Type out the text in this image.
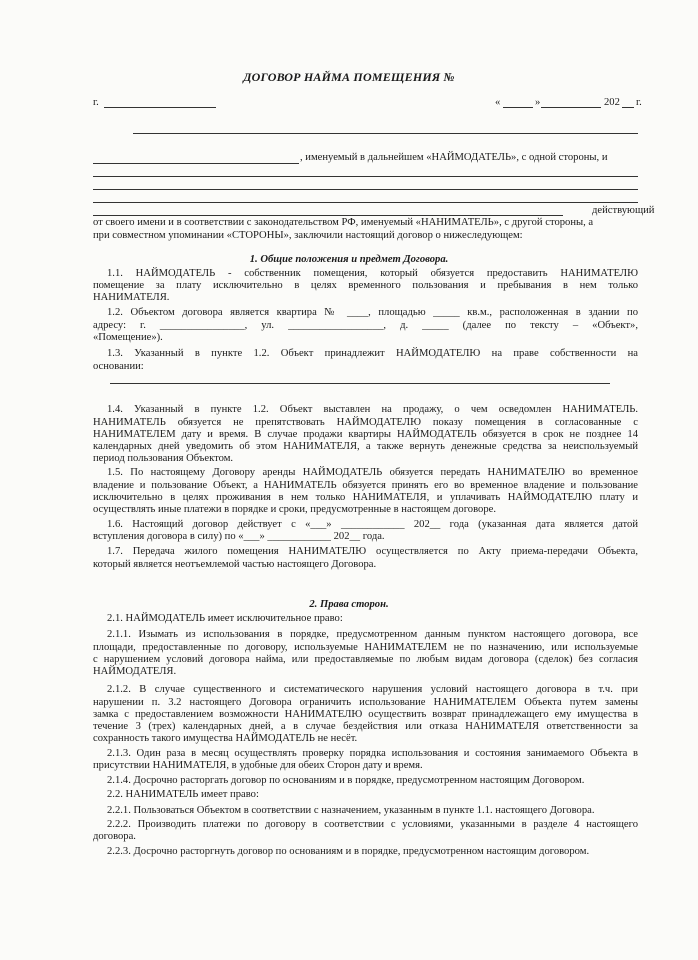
ДОГОВОР НАЙМА ПОМЕЩЕНИЯ №
г.	«	»	202 г.
, именуемый в дальнейшем «НАЙМОДАТЕЛЬ», с одной стороны, и
действующий
от своего имени и в соответствии с законодательством РФ, именуемый «НАНИМАТЕЛЬ», с другой стороны, а
при совместном упоминании «СТОРОНЫ», заключили настоящий договор о нижеследующем:
1. Общие положения и предмет Договора.
1.1. НАЙМОДАТЕЛЬ - собственник помещения, который обязуется предоставить НАНИМАТЕЛЮ
помещение за плату исключительно в целях временного пользования и пребывания в нем только
НАНИМАТЕЛЯ.
1.2. Объектом договора является квартира № ____, площадью _____ кв.м., расположенная в здании по
адресу: г. ________________, ул. __________________, д. _____ (далее по тексту – «Объект»,
«Помещение»).
1.3. Указанный в пункте 1.2. Объект принадлежит НАЙМОДАТЕЛЮ на праве собственности на
основании:
1.4. Указанный в пункте 1.2. Объект выставлен на продажу, о чем осведомлен НАНИМАТЕЛЬ.
НАНИМАТЕЛЬ обязуется не препятствовать НАЙМОДАТЕЛЮ показу помещения в согласованные с
НАНИМАТЕЛЕМ дату и время. В случае продажи квартиры НАЙМОДАТЕЛЬ обязуется в срок не позднее 14
календарных дней уведомить об этом НАНИМАТЕЛЯ, а также вернуть денежные средства за неиспользуемый
период пользования Объектом.
1.5. По настоящему Договору аренды НАЙМОДАТЕЛЬ обязуется передать НАНИМАТЕЛЮ во временное
владение и пользование Объект, а НАНИМАТЕЛЬ обязуется принять его во временное владение и пользование
исключительно в целях проживания в нем только НАНИМАТЕЛЯ, и уплачивать НАЙМОДАТЕЛЮ плату и
осуществлять иные платежи в порядке и сроки, предусмотренные в настоящем договоре.
1.6. Настоящий договор действует с «___» ____________ 202__ года (указанная дата является датой
вступления договора в силу) по «___» ____________ 202__ года.
1.7. Передача жилого помещения НАНИМАТЕЛЮ осуществляется по Акту приема-передачи Объекта,
который является неотъемлемой частью настоящего Договора.
2. Права сторон.
2.1. НАЙМОДАТЕЛЬ имеет исключительное право:
2.1.1. Изымать из использования в порядке, предусмотренном данным пунктом настоящего договора, все
площади, предоставленные по договору, используемые НАНИМАТЕЛЕМ не по назначению, или используемые
с нарушением условий договора найма, или предоставляемые по любым видам договора (сделок) без согласия
НАЙМОДАТЕЛЯ.
2.1.2. В случае существенного и систематического нарушения условий настоящего договора в т.ч. при
нарушении п. 3.2 настоящего Договора ограничить использование НАНИМАТЕЛЕМ Объекта путем замены
замка с предоставлением возможности НАНИМАТЕЛЮ осуществить возврат принадлежащего ему имущества в
течение 3 (трех) календарных дней, а в случае бездействия или отказа НАНИМАТЕЛЯ ответственности за
сохранность такого имущества НАЙМОДАТЕЛЬ не несёт.
2.1.3. Один раза в месяц осуществлять проверку порядка использования и состояния занимаемого Объекта в
присутствии НАНИМАТЕЛЯ, в удобные для обеих Сторон дату и время.
2.1.4. Досрочно расторгать договор по основаниям и в порядке, предусмотренном настоящим Договором.
2.2. НАНИМАТЕЛЬ имеет право:
2.2.1. Пользоваться Объектом в соответствии с назначением, указанным в пункте 1.1. настоящего Договора.
2.2.2. Производить платежи по договору в соответствии с условиями, указанными в разделе 4 настоящего
договора.
2.2.3. Досрочно расторгнуть договор по основаниям и в порядке, предусмотренном настоящим договором.
